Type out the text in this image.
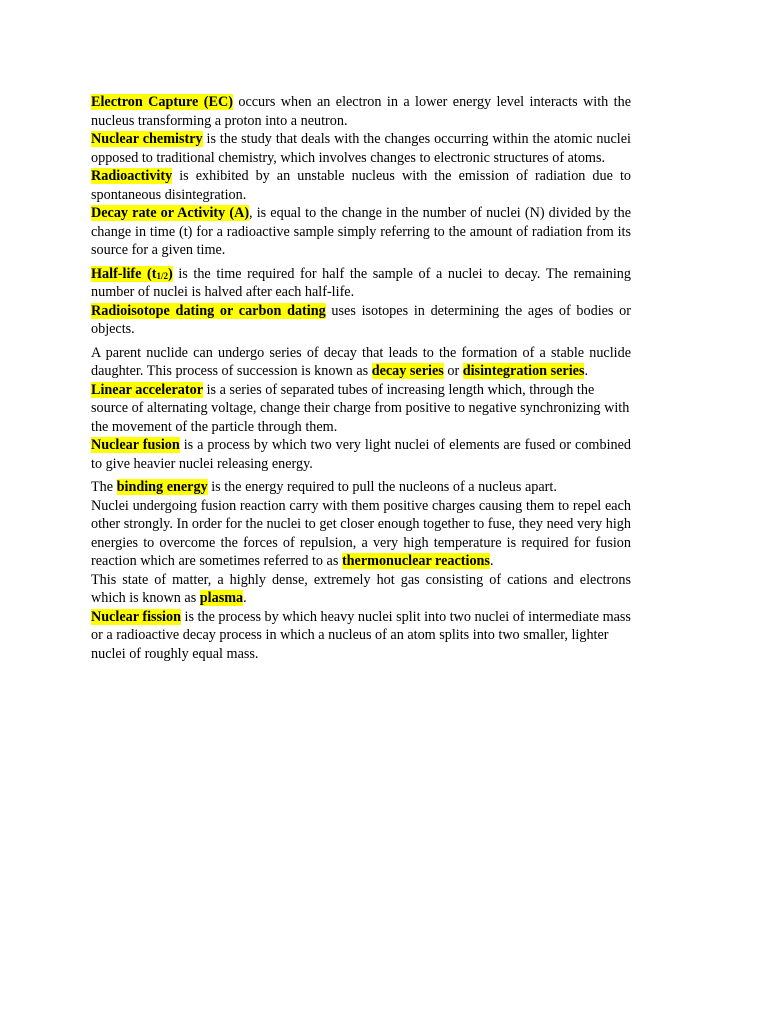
Electron Capture (EC) occurs when an electron in a lower energy level interacts with the nucleus transforming a proton into a neutron.

Nuclear chemistry is the study that deals with the changes occurring within the atomic nuclei opposed to traditional chemistry, which involves changes to electronic structures of atoms.

Radioactivity is exhibited by an unstable nucleus with the emission of radiation due to spontaneous disintegration.

Decay rate or Activity (A), is equal to the change in the number of nuclei (N) divided by the change in time (t) for a radioactive sample simply referring to the amount of radiation from its source for a given time.

Half-life $(t_{1/2})$ is the time required for half the sample of a nuclei to decay. The remaining number of nuclei is halved after each half-life.

Radioisotope dating or carbon dating uses isotopes in determining the ages of bodies or objects.

A parent nuclide can undergo series of decay that leads to the formation of a stable nuclide daughter. This process of succession is known as decay series or disintegration series.

Linear accelerator is a series of separated tubes of increasing length which, through the source of alternating voltage, change their charge from positive to negative synchronizing with the movement of the particle through them.

Nuclear fusion is a process by which two very light nuclei of elements are fused or combined to give heavier nuclei releasing energy.

The binding energy is the energy required to pull the nucleons of a nucleus apart.

Nuclei undergoing fusion reaction carry with them positive charges causing them to repel each other strongly. In order for the nuclei to get closer enough together to fuse, they need very high energies to overcome the forces of repulsion, a very high temperature is required for fusion reaction which are sometimes referred to as thermonuclear reactions.

This state of matter, a highly dense, extremely hot gas consisting of cations and electrons which is known as plasma.

Nuclear fission is the process by which heavy nuclei split into two nuclei of intermediate mass or a radioactive decay process in which a nucleus of an atom splits into two smaller, lighter nuclei of roughly equal mass.
